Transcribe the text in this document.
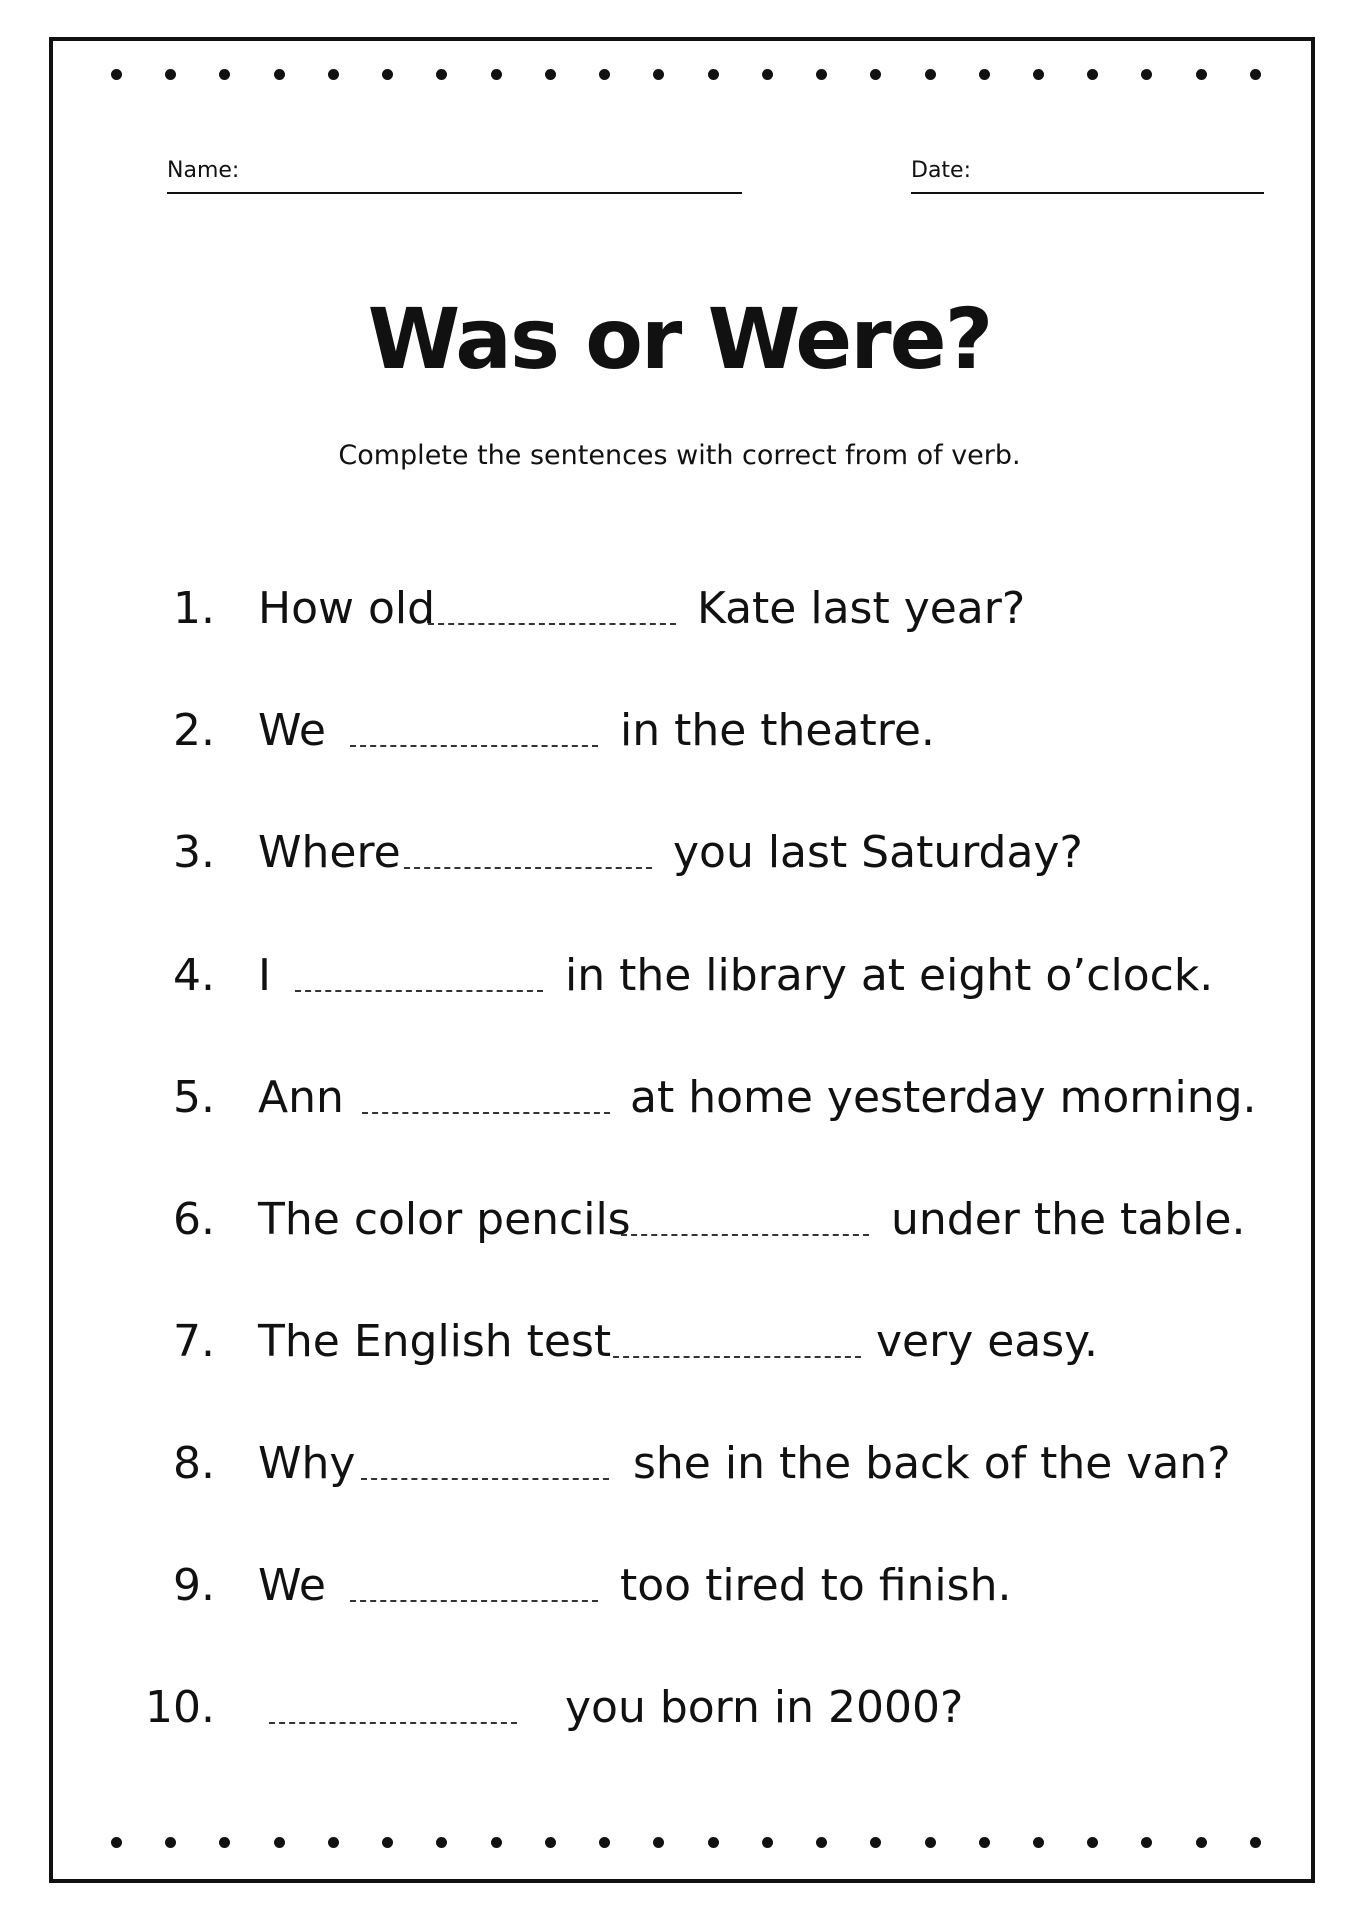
Name:	Date:
Was or Were?
Complete the sentences with correct from of verb.
1. How old	Kate last year?
2. We	in the theatre.
3. Where	you last Saturday?
4. I	in the library at eight o’clock.
5. Ann	at home yesterday morning.
6. The color pencils	under the table.
7. The English test	very easy.
8. Why	she in the back of the van?
9. We	too tired to finish.
10.	you born in 2000?
